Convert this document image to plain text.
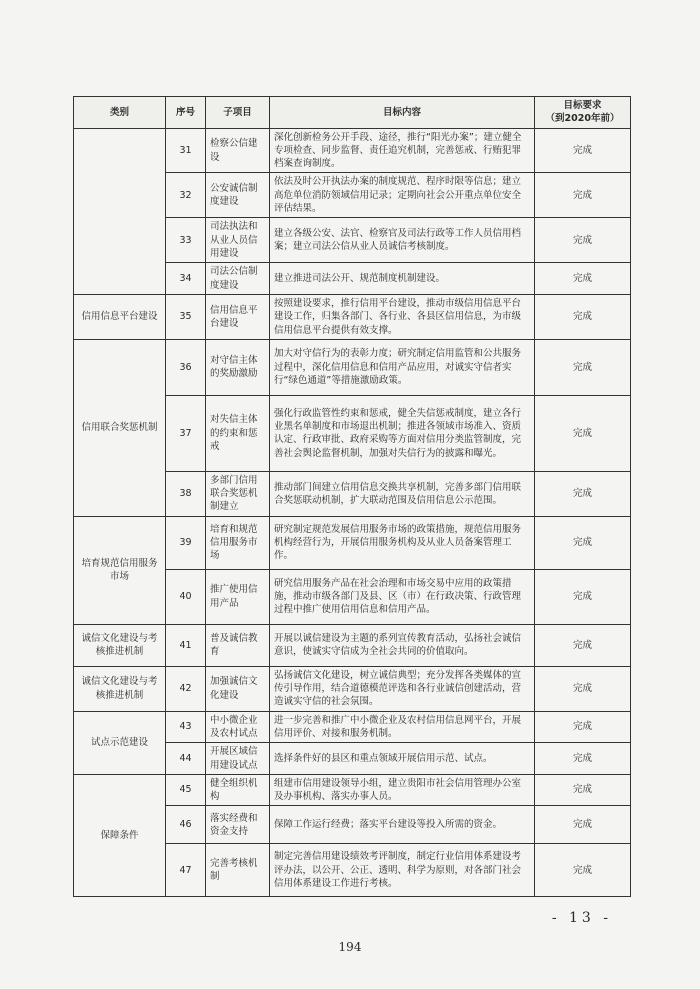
类别	序号	子项目	目标内容	目标要求
（到2020年前）
	31	检察公信建设	深化创新检务公开手段、途径，推行“阳光办案”；建立健全专项检查、同步监督、责任追究机制，完善惩戒、行贿犯罪档案查询制度。	完成
	32	公安诚信制度建设	依法及时公开执法办案的制度规范、程序时限等信息；建立高危单位消防领域信用记录；定期向社会公开重点单位安全评估结果。	完成
	33	司法执法和从业人员信用建设	建立各级公安、法官、检察官及司法行政等工作人员信用档案；建立司法公信从业人员诚信考核制度。	完成
	34	司法公信制度建设	建立推进司法公开、规范制度机制建设。	完成
信用信息平台建设	35	信用信息平台建设	按照建设要求，推行信用平台建设，推动市级信用信息平台建设工作，归集各部门、各行业、各县区信用信息，为市级信用信息平台提供有效支撑。	完成
信用联合奖惩机制	36	对守信主体的奖励激励	加大对守信行为的表彰力度；研究制定信用监管和公共服务过程中，深化信用信息和信用产品应用，对诚实守信者实行“绿色通道”等措施激励政策。	完成
	37	对失信主体的约束和惩戒	强化行政监管性约束和惩戒，健全失信惩戒制度，建立各行业黑名单制度和市场退出机制；推进各领域市场准入、资质认定、行政审批、政府采购等方面对信用分类监管制度，完善社会舆论监督机制，加强对失信行为的披露和曝光。	完成
	38	多部门信用联合奖惩机制建立	推动部门间建立信用信息交换共享机制，完善多部门信用联合奖惩联动机制，扩大联动范围及信用信息公示范围。	完成
培育规范信用服务市场	39	培育和规范信用服务市场	研究制定规范发展信用服务市场的政策措施，规范信用服务机构经营行为，开展信用服务机构及从业人员备案管理工作。	完成
	40	推广使用信用产品	研究信用服务产品在社会治理和市场交易中应用的政策措施，推动市级各部门及县、区（市）在行政决策、行政管理过程中推广使用信用信息和信用产品。	完成
诚信文化建设与考核推进机制	41	普及诚信教育	开展以诚信建设为主题的系列宣传教育活动，弘扬社会诚信意识，使诚实守信成为全社会共同的价值取向。	完成
诚信文化建设与考核推进机制	42	加强诚信文化建设	弘扬诚信文化建设，树立诚信典型；充分发挥各类媒体的宣传引导作用，结合道德模范评选和各行业诚信创建活动，营造诚实守信的社会氛围。	完成
试点示范建设	43	中小微企业及农村试点	进一步完善和推广中小微企业及农村信用信息网平台，开展信用评价、对接和服务机制。	完成
	44	开展区域信用建设试点	选择条件好的县区和重点领域开展信用示范、试点。	完成
保障条件	45	健全组织机构	组建市信用建设领导小组，建立贵阳市社会信用管理办公室及办事机构、落实办事人员。	完成
	46	落实经费和资金支持	保障工作运行经费；落实平台建设等投入所需的资金。	完成
	47	完善考核机制	制定完善信用建设绩效考评制度，制定行业信用体系建设考评办法，以公开、公正、透明、科学为原则，对各部门社会信用体系建设工作进行考核。	完成
- 13 -
194
